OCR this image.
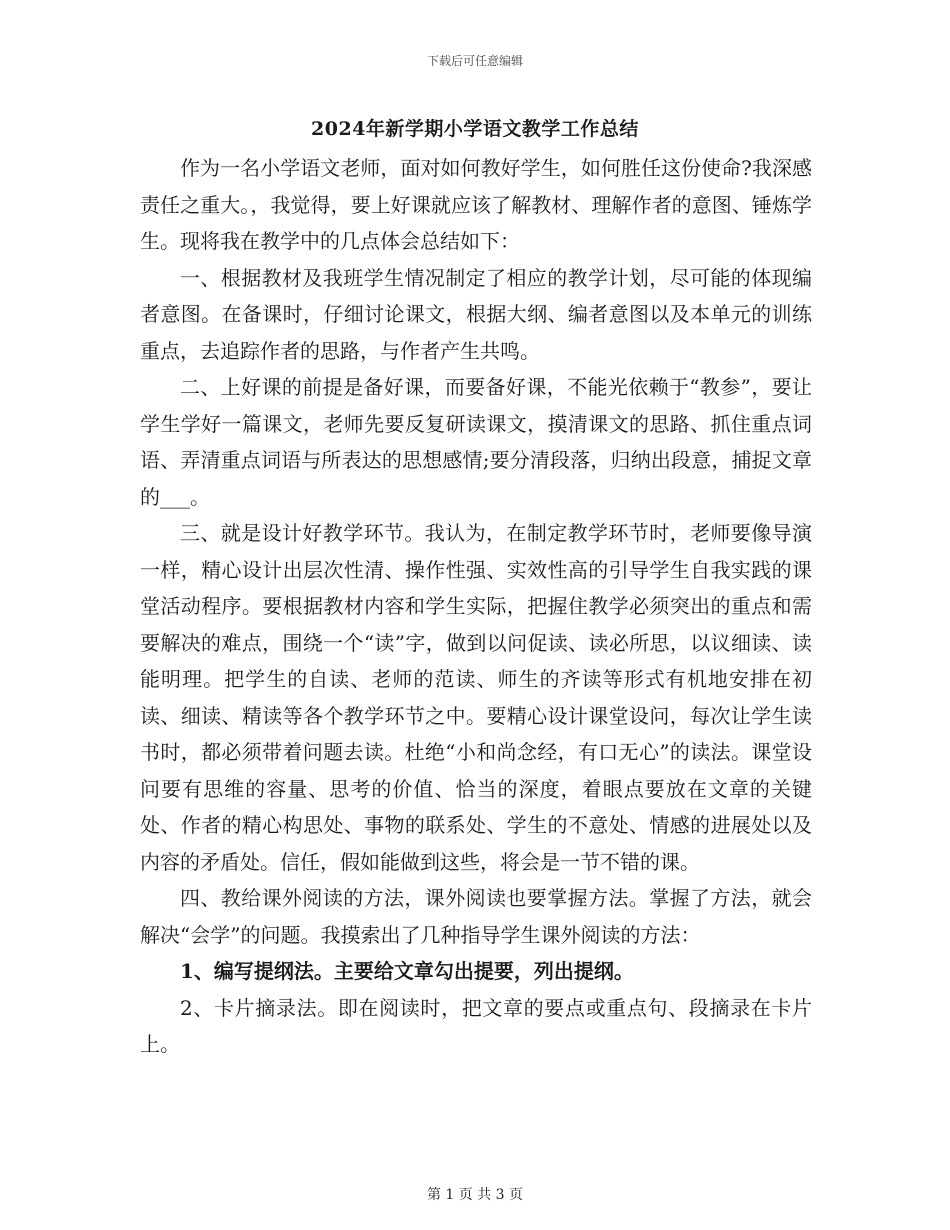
下载后可任意编辑
2024年新学期小学语文教学工作总结

作为一名小学语文老师，面对如何教好学生，如何胜任这份使命?我深感责任之重大。，我觉得，要上好课就应该了解教材、理解作者的意图、锤炼学生。现将我在教学中的几点体会总结如下：

一、根据教材及我班学生情况制定了相应的教学计划，尽可能的体现编者意图。在备课时，仔细讨论课文，根据大纲、编者意图以及本单元的训练重点，去追踪作者的思路，与作者产生共鸣。

二、上好课的前提是备好课，而要备好课，不能光依赖于“教参”，要让学生学好一篇课文，老师先要反复研读课文，摸清课文的思路、抓住重点词语、弄清重点词语与所表达的思想感情;要分清段落，归纳出段意，捕捉文章的___。

三、就是设计好教学环节。我认为，在制定教学环节时，老师要像导演一样，精心设计出层次性清、操作性强、实效性高的引导学生自我实践的课堂活动程序。要根据教材内容和学生实际，把握住教学必须突出的重点和需要解决的难点，围绕一个“读”字，做到以问促读、读必所思，以议细读、读能明理。把学生的自读、老师的范读、师生的齐读等形式有机地安排在初读、细读、精读等各个教学环节之中。要精心设计课堂设问，每次让学生读书时，都必须带着问题去读。杜绝“小和尚念经，有口无心”的读法。课堂设问要有思维的容量、思考的价值、恰当的深度，着眼点要放在文章的关键处、作者的精心构思处、事物的联系处、学生的不意处、情感的进展处以及内容的矛盾处。信任，假如能做到这些，将会是一节不错的课。

四、教给课外阅读的方法，课外阅读也要掌握方法。掌握了方法，就会解决“会学”的问题。我摸索出了几种指导学生课外阅读的方法：

1、编写提纲法。主要给文章勾出提要，列出提纲。

2、卡片摘录法。即在阅读时，把文章的要点或重点句、段摘录在卡片上。

第 1 页 共 3 页
